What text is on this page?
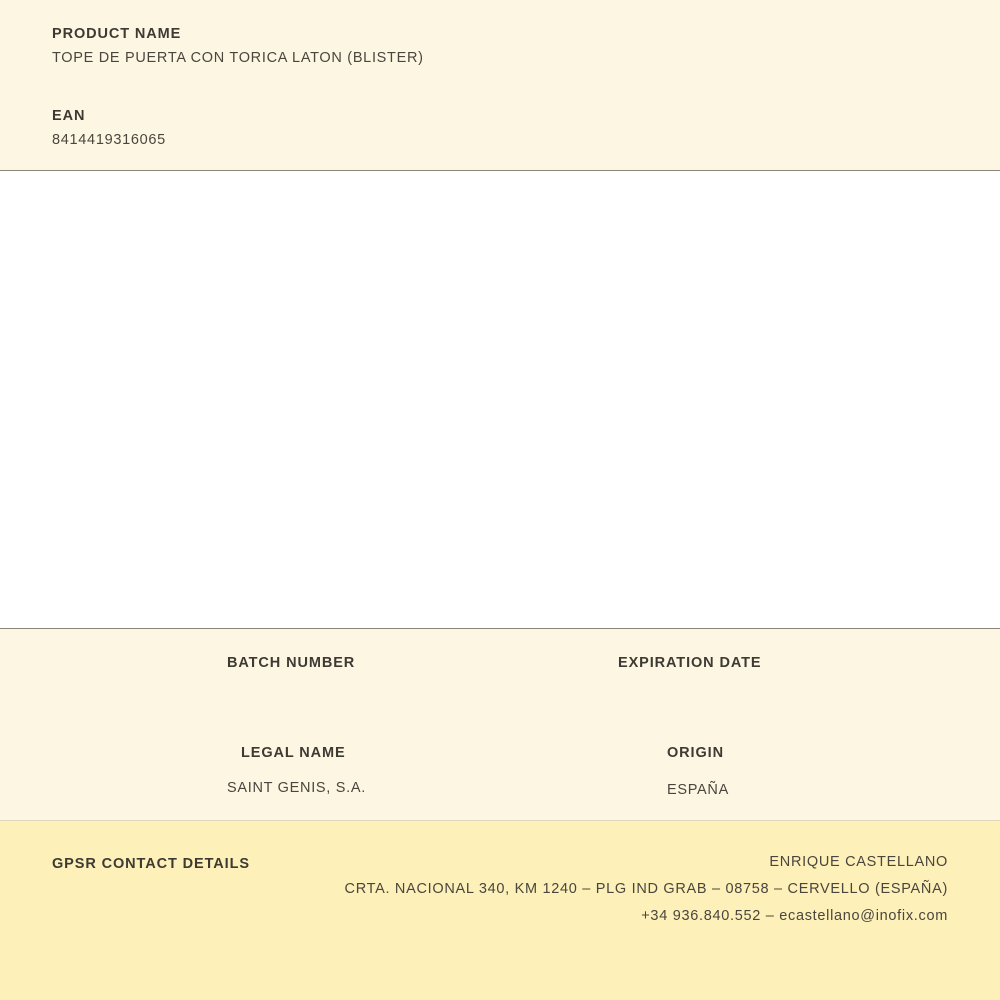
PRODUCT NAME

TOPE DE PUERTA CON TORICA LATON (BLISTER)

EAN

8414419316065

BATCH NUMBER	EXPIRATION DATE
LEGAL NAME
SAINT GENIS, S.A.
ORIGIN
ESPAÑA
GPSR CONTACT DETAILS	ENRIQUE CASTELLANO

CRTA. NACIONAL 340, KM 1240 – PLG IND GRAB – 08758 – CERVELLO (ESPAÑA)

+34 936.840.552 – ecastellano@inofix.com
